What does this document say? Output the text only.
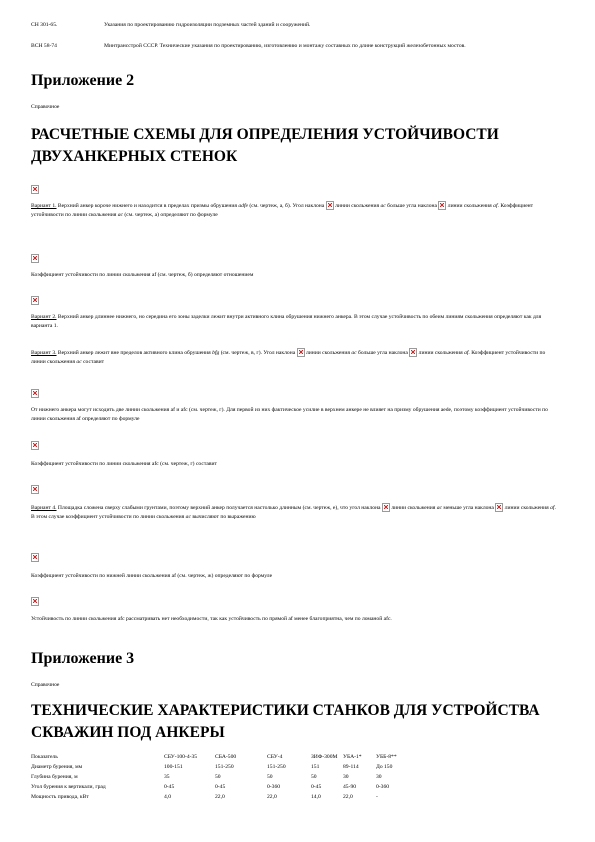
СН 301-65.	Указания по проектированию гидроизоляции подземных частей зданий и сооружений.
ВСН 58-74	Минтрансстрой СССР. Технические указания по проектированию, изготовлению и монтажу составных по длине конструкций железобетонных мостов.
Приложение 2
Справочное
РАСЧЕТНЫЕ СХЕМЫ ДЛЯ ОПРЕДЕЛЕНИЯ УСТОЙЧИВОСТИ ДВУХАНКЕРНЫХ СТЕНОК
Вариант 1. Верхний анкер короче нижнего и находится в пределах призмы обрушения adfe (см. чертеж, а, б). Угол наклона  линии скольжения ac больше угла наклона  линии скольжения af. Коэффициент устойчивости по линии скольжения ac (см. чертеж, а) определяют по формуле
Коэффициент устойчивости по линии скольжения af (см. чертеж, б) определяют отношением
Вариант 2. Верхний анкер длиннее нижнего, но середина его зоны заделки лежит внутри активного клина обрушения нижнего анкера. В этом случае устойчивость по обеим линиям скольжения определяют как для варианта 1.
Вариант 3. Верхний анкер лежит вне пределов активного клина обрушения bfg (см. чертеж, в, г). Угол наклона  линии скольжения ac больше угла наклона  линии скольжения af. Коэффициент устойчивости по линии скольжения ac составит
От нижнего анкера могут исходить две линии скольжения af и afc (см. чертеж, г). Для первой из них фактическое усилие в верхнем анкере не влияет на призму обрушения aede, поэтому коэффициент устойчивости по линии скольжения af определяют по формуле
Коэффициент устойчивости по линии скольжения afc (см. чертеж, г) составит
Вариант 4. Площадка сложена сверху слабыми грунтами, поэтому верхний анкер получается настолько длинным (см. чертеж, е), что угол наклона  линии скольжения ac меньше угла наклона  линии скольжения af. В этом случае коэффициент устойчивости по линии скольжения ac вычисляют по выражению
Коэффициент устойчивости по нижней линии скольжения af (см. чертеж, ж) определяют по формуле
Устойчивость по линии скольжения afc рассматривать нет необходимости, так как устойчивость по прямой af менее благоприятна, чем по ломаной afc.
Приложение 3
Справочное
ТЕХНИЧЕСКИЕ ХАРАКТЕРИСТИКИ СТАНКОВ ДЛЯ УСТРОЙСТВА СКВАЖИН ПОД АНКЕРЫ
Показатель	СБУ-100-4-35	СБА-500	СБУ-4	ЗИФ-300М	УБА-1*	УББ-8**
Диаметр бурения, мм	100-151	151-250	151-250	151	89-114	До 150
Глубина бурения, м	35	50	50	50	30	30
Угол бурения к вертикали, град	0-45	0-45	0-360	0-45	45-90	0-360
Мощность привода, кВт	4,0	22,0	22,0	14,0	22,0	-
